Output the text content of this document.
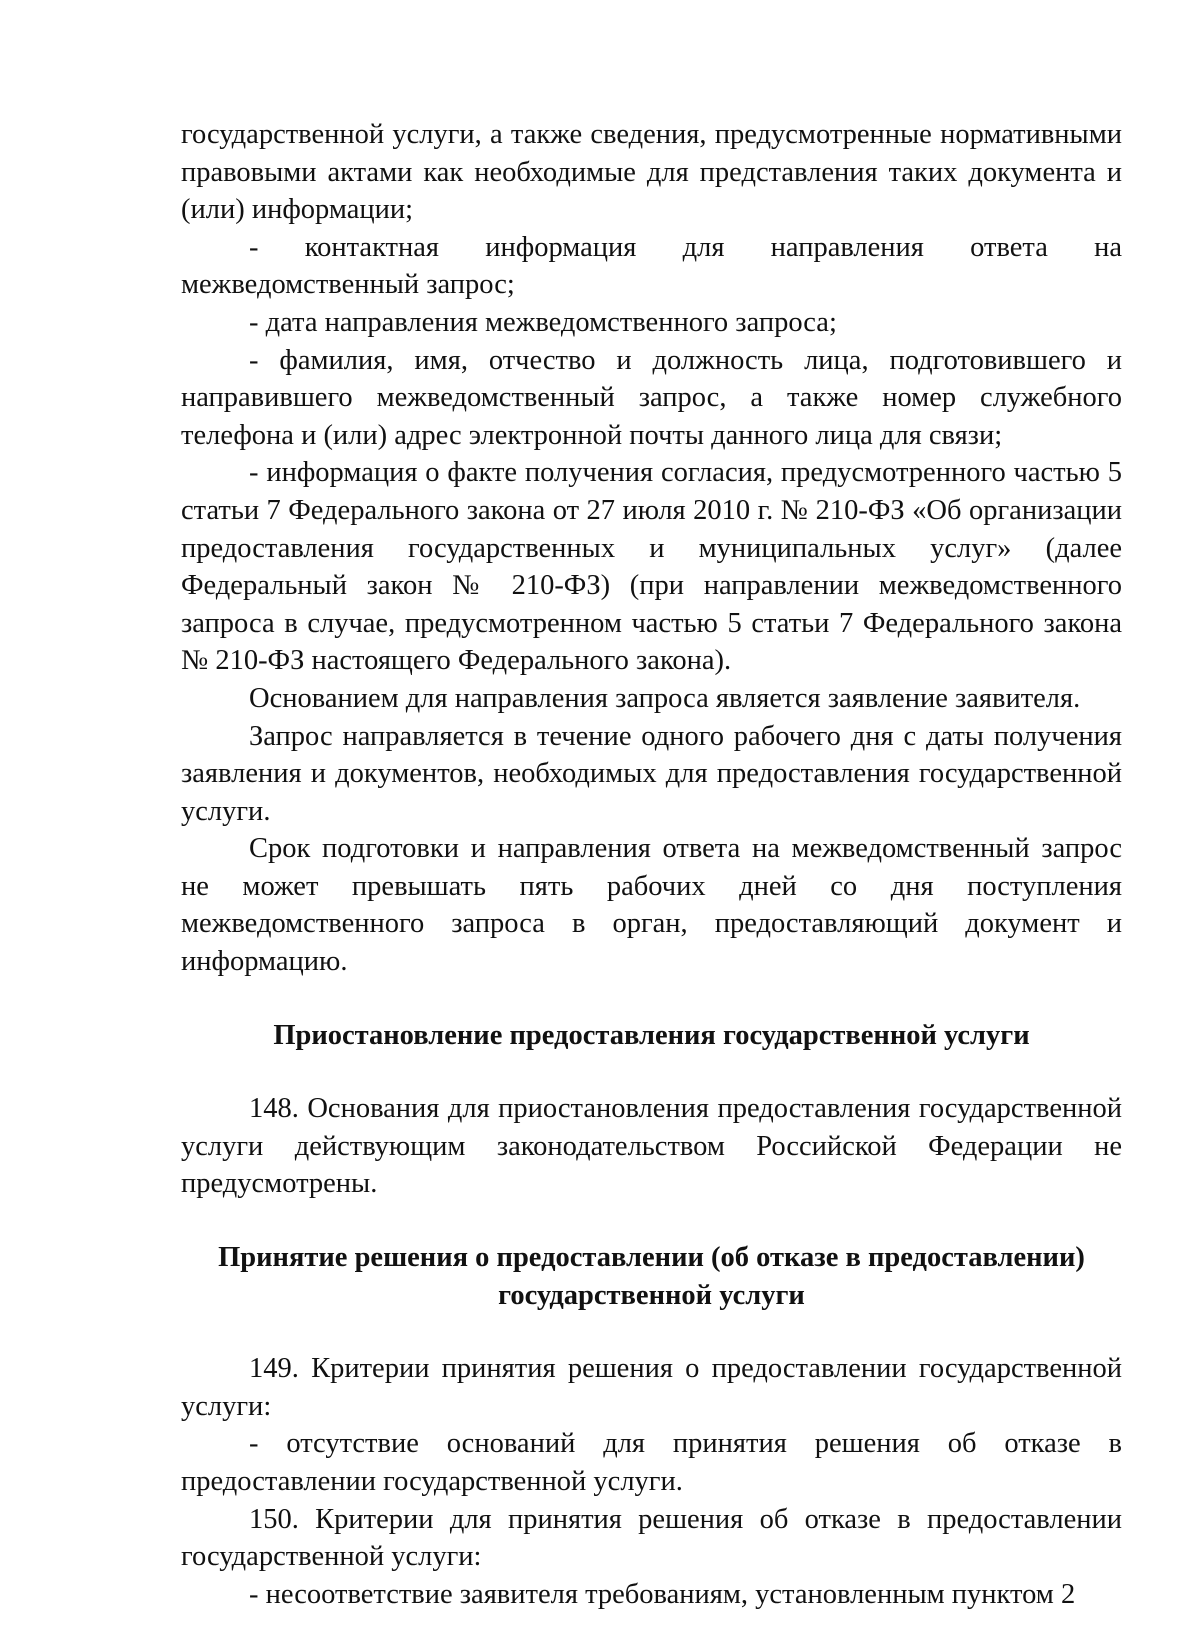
государственной услуги, а также сведения, предусмотренные нормативными правовыми актами как необходимые для представления таких документа и (или) информации;

- контактная информация для направления ответа на межведомственный запрос;

- дата направления межведомственного запроса;

- фамилия, имя, отчество и должность лица, подготовившего и направившего межведомственный запрос, а также номер служебного телефона и (или) адрес электронной почты данного лица для связи;

- информация о факте получения согласия, предусмотренного частью 5 статьи 7 Федерального закона от 27 июля 2010 г. № 210-ФЗ «Об организации предоставления государственных и муниципальных услуг» (далее Федеральный закон № 210-ФЗ) (при направлении межведомственного запроса в случае, предусмотренном частью 5 статьи 7 Федерального закона № 210-ФЗ настоящего Федерального закона).

Основанием для направления запроса является заявление заявителя.

Запрос направляется в течение одного рабочего дня с даты получения заявления и документов, необходимых для предоставления государственной услуги.

Срок подготовки и направления ответа на межведомственный запрос не может превышать пять рабочих дней со дня поступления межведомственного запроса в орган, предоставляющий документ и информацию.

Приостановление предоставления государственной услуги

148. Основания для приостановления предоставления государственной услуги действующим законодательством Российской Федерации не предусмотрены.

Принятие решения о предоставлении (об отказе в предоставлении)

государственной услуги

149. Критерии принятия решения о предоставлении государственной услуги:

- отсутствие оснований для принятия решения об отказе в предоставлении государственной услуги.

150. Критерии для принятия решения об отказе в предоставлении государственной услуги:

- несоответствие заявителя требованиям, установленным пунктом 2
